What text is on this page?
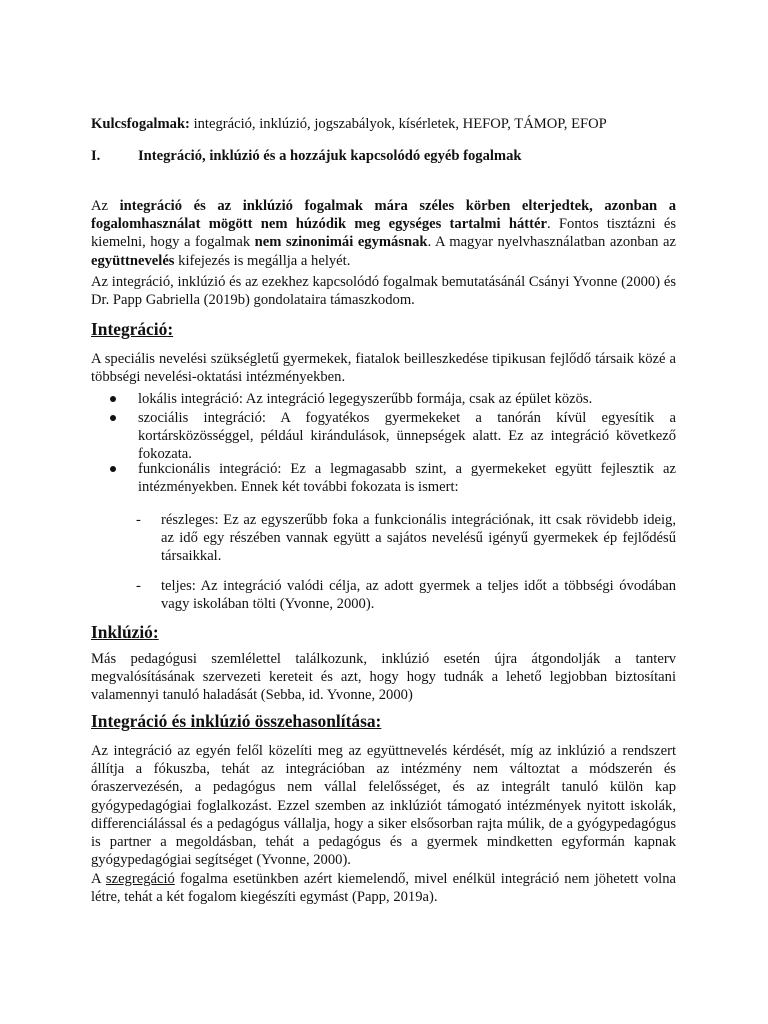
Kulcsfogalmak: integráció, inklúzió, jogszabályok, kísérletek, HEFOP, TÁMOP, EFOP

I.	Integráció, inklúzió és a hozzájuk kapcsolódó egyéb fogalmak

Az integráció és az inklúzió fogalmak mára széles körben elterjedtek, azonban a fogalomhasználat mögött nem húzódik meg egységes tartalmi háttér. Fontos tisztázni és kiemelni, hogy a fogalmak nem szinonimái egymásnak. A magyar nyelvhasználatban azonban az együttnevelés kifejezés is megállja a helyét.

Az integráció, inklúzió és az ezekhez kapcsolódó fogalmak bemutatásánál Csányi Yvonne (2000) és Dr. Papp Gabriella (2019b) gondolataira támaszkodom.

Integráció:

A speciális nevelési szükségletű gyermekek, fiatalok beilleszkedése tipikusan fejlődő társaik közé a többségi nevelési-oktatási intézményekben.

lokális integráció: Az integráció legegyszerűbb formája, csak az épület közös.
szociális integráció: A fogyatékos gyermekeket a tanórán kívül egyesítik a kortársközösséggel, például kirándulások, ünnepségek alatt. Ez az integráció következő fokozata.
funkcionális integráció: Ez a legmagasabb szint, a gyermekeket együtt fejlesztik az intézményekben. Ennek két további fokozata is ismert:
- részleges: Ez az egyszerűbb foka a funkcionális integrációnak, itt csak rövidebb ideig, az idő egy részében vannak együtt a sajátos nevelésű igényű gyermekek ép fejlődésű társaikkal.
- teljes: Az integráció valódi célja, az adott gyermek a teljes időt a többségi óvodában vagy iskolában tölti (Yvonne, 2000).

Inklúzió:

Más pedagógusi szemlélettel találkozunk, inklúzió esetén újra átgondolják a tanterv megvalósításának szervezeti kereteit és azt, hogy hogy tudnák a lehető legjobban biztosítani valamennyi tanuló haladását (Sebba, id. Yvonne, 2000)

Integráció és inklúzió összehasonlítása:

Az integráció az egyén felől közelíti meg az együttnevelés kérdését, míg az inklúzió a rendszert állítja a fókuszba, tehát az integrációban az intézmény nem változtat a módszerén és óraszervezésén, a pedagógus nem vállal felelősséget, és az integrált tanuló külön kap gyógypedagógiai foglalkozást. Ezzel szemben az inklúziót támogató intézmények nyitott iskolák, differenciálással és a pedagógus vállalja, hogy a siker elsősorban rajta múlik, de a gyógypedagógus is partner a megoldásban, tehát a pedagógus és a gyermek mindketten egyformán kapnak gyógypedagógiai segítséget (Yvonne, 2000).

A szegregáció fogalma esetünkben azért kiemelendő, mivel enélkül integráció nem jöhetett volna létre, tehát a két fogalom kiegészíti egymást (Papp, 2019a).
